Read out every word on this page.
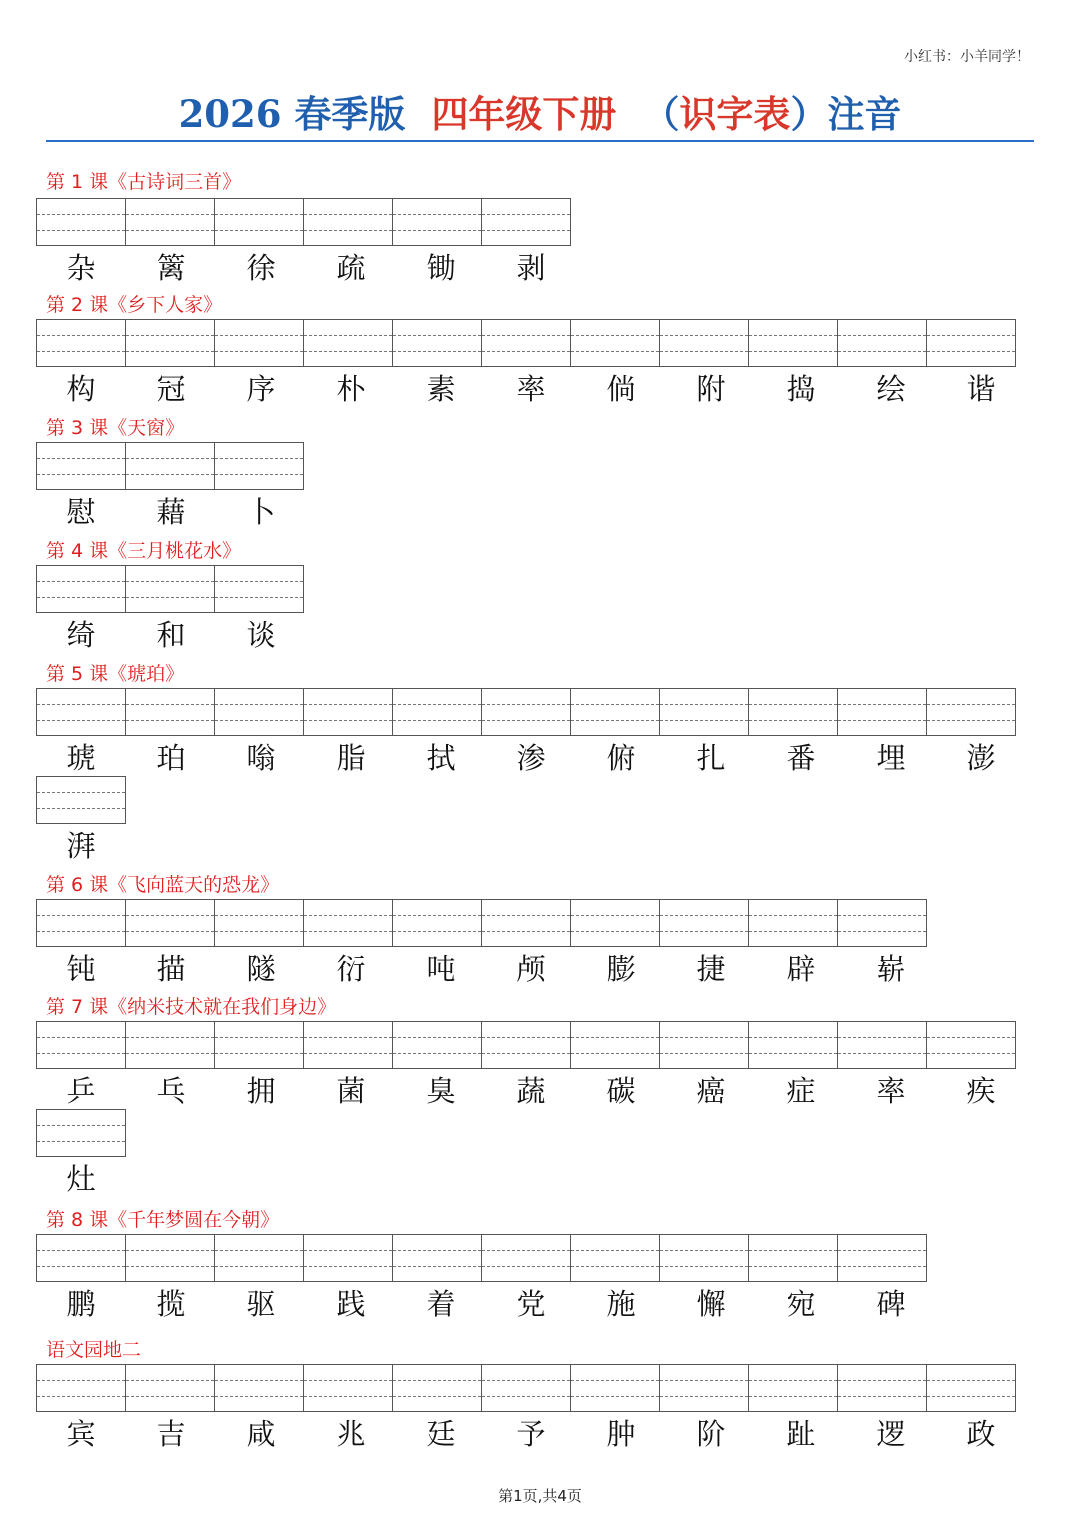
小红书：小羊同学！
2026 春季版 四年级下册 （识字表）注音
第 1 课《古诗词三首》
杂	篱	徐	疏	锄	剥
第 2 课《乡下人家》
构	冠	序	朴	素	率	倘	附	捣	绘	谐
第 3 课《天窗》
慰	藉	卜
第 4 课《三月桃花水》
绮	和	谈
第 5 课《琥珀》
琥	珀	嗡	脂	拭	渗	俯	扎	番	埋	澎
湃
第 6 课《飞向蓝天的恐龙》
钝	描	隧	衍	吨	颅	膨	捷	辟	崭
第 7 课《纳米技术就在我们身边》
乒	乓	拥	菌	臭	蔬	碳	癌	症	率	疾
灶
第 8 课《千年梦圆在今朝》
鹏	揽	驱	践	着	党	施	懈	宛	碑
语文园地二
宾	吉	咸	兆	廷	予	肿	阶	趾	逻	政
第1页,共4页
